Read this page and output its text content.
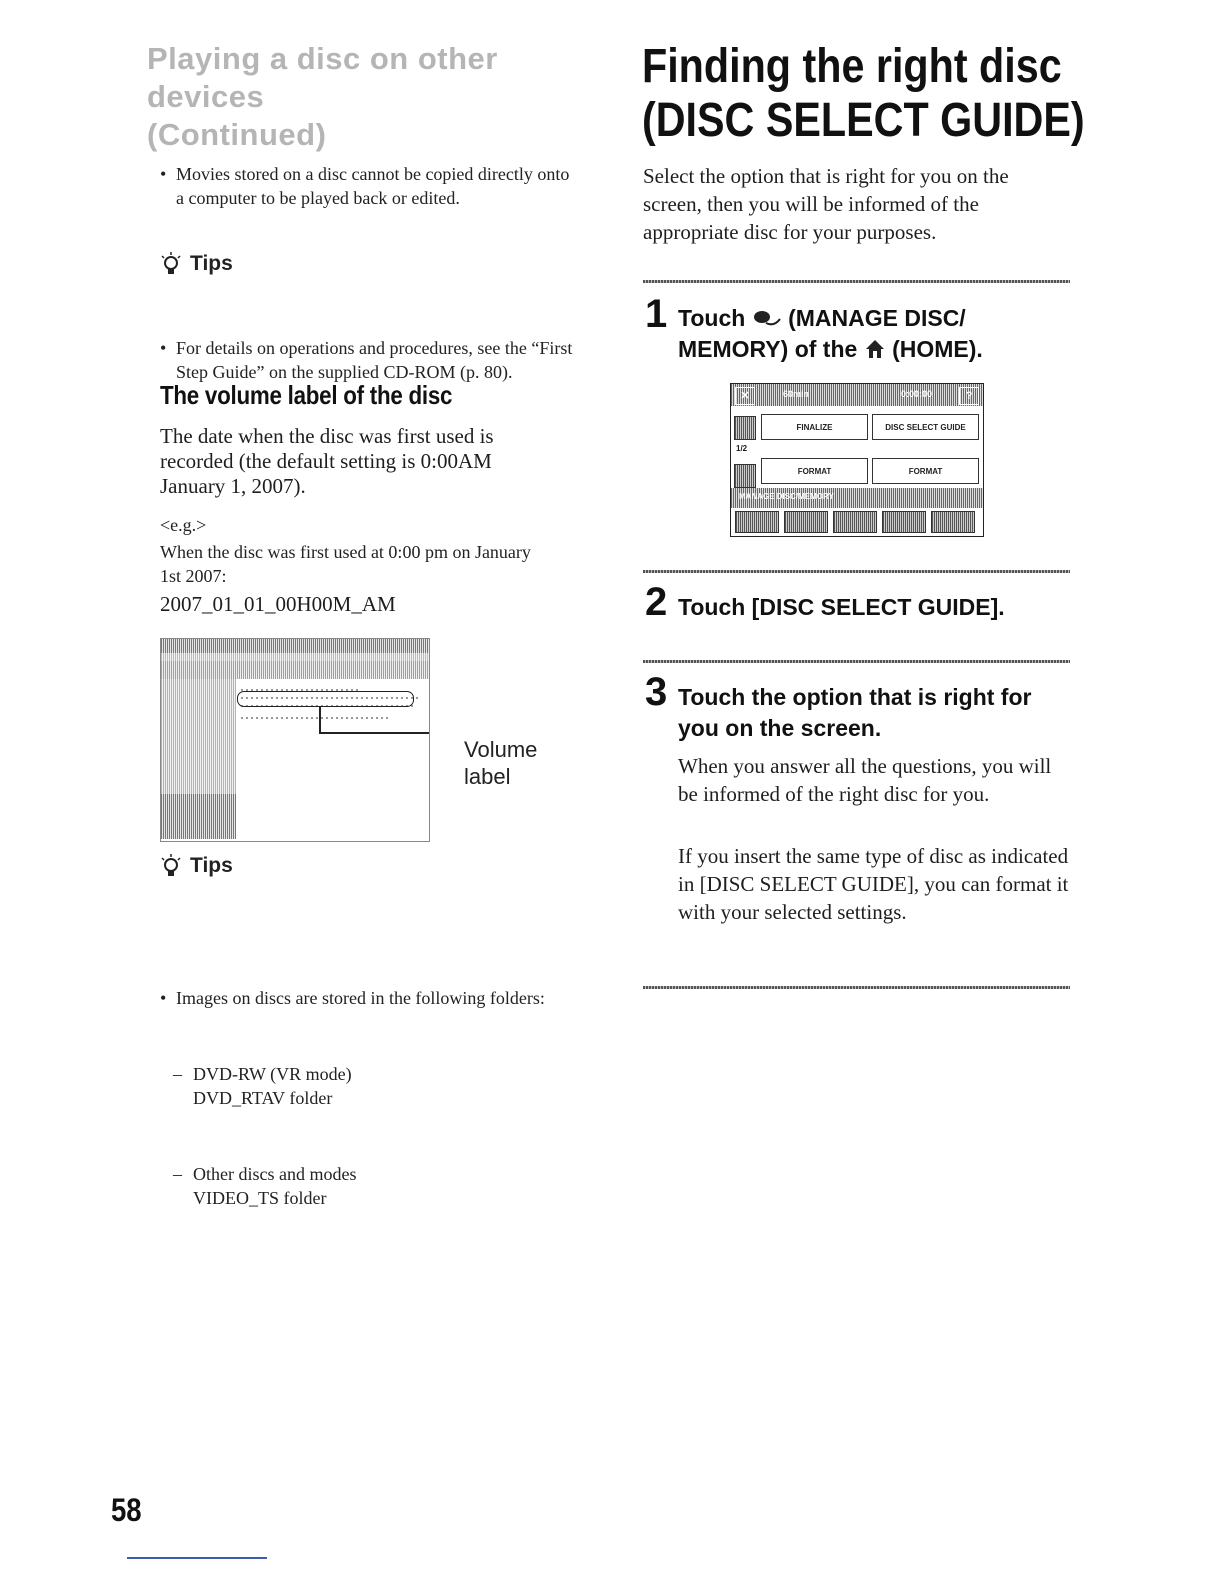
Playing a disc on other devices
(Continued)
• Movies stored on a disc cannot be copied directly onto a computer to be played back or edited.
Tips
• For details on operations and procedures, see the “First Step Guide” on the supplied CD-ROM (p. 80).
The volume label of the disc
The date when the disc was first used is recorded (the default setting is 0:00AM January 1, 2007).
<e.g.>
When the disc was first used at 0:00 pm on January 1st 2007:
2007_01_01_00H00M_AM
Volume
label
Tips
• Images on discs are stored in the following folders:
– DVD-RW (VR mode)
DVD_RTAV folder
– Other discs and modes
VIDEO_TS folder
Finding the right disc
(DISC SELECT GUIDE)
Select the option that is right for you on the screen, then you will be informed of the appropriate disc for your purposes.
1 Touch (MANAGE DISC/
MEMORY) of the (HOME).
✕	60min	0:00:00	?
1/2
FINALIZE	DISC SELECT GUIDE
FORMAT	FORMAT
MANAGE DISC/MEMORY
2 Touch [DISC SELECT GUIDE].
3 Touch the option that is right for
you on the screen.
When you answer all the questions, you will be informed of the right disc for you.
If you insert the same type of disc as indicated in [DISC SELECT GUIDE], you can format it with your selected settings.
58
